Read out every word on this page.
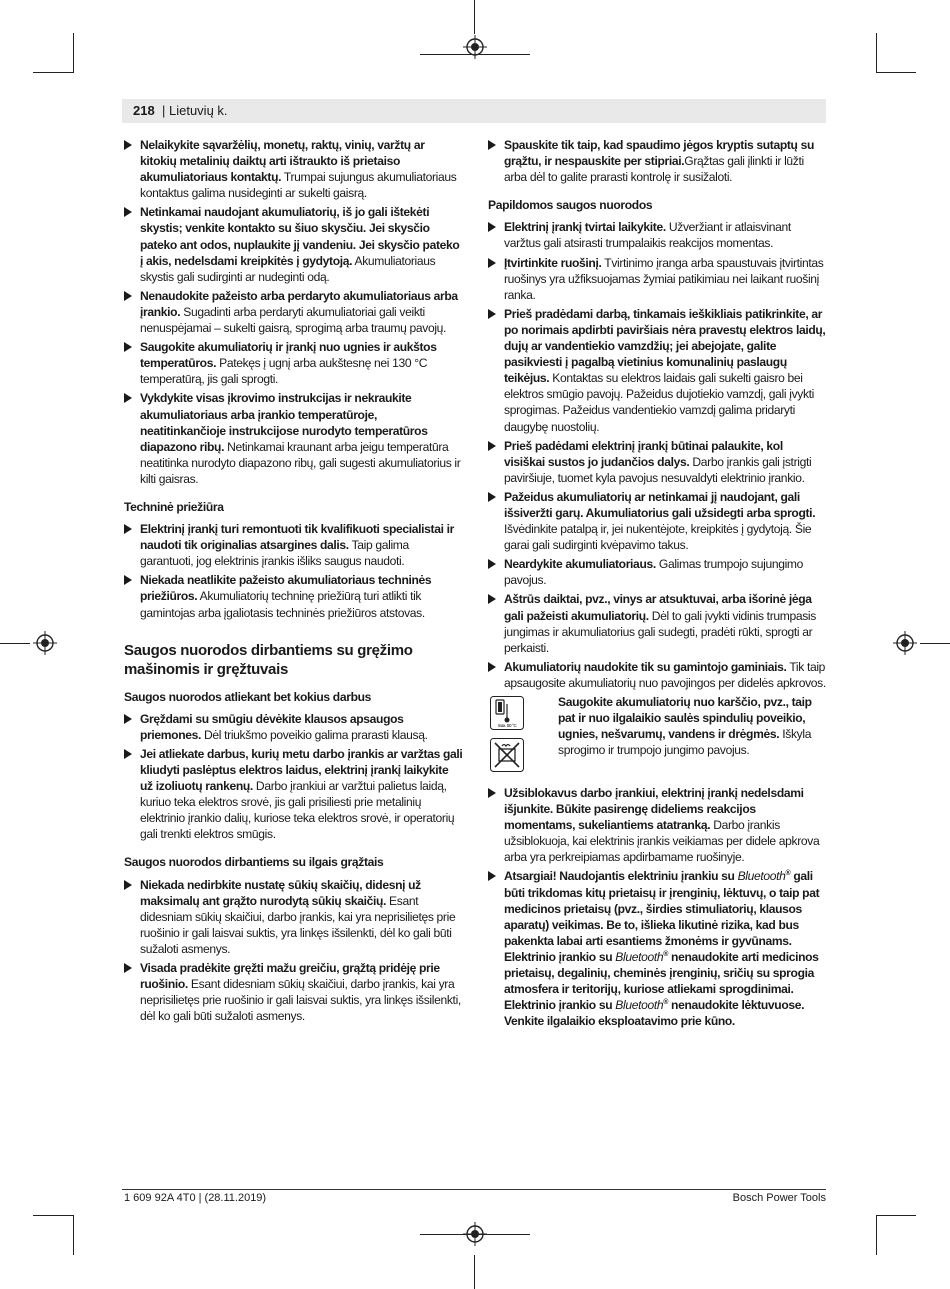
218 | Lietuvių k.
Nelaikykite sąvaržėlių, monetų, raktų, vinių, varžtų ar kitokių metalinių daiktų arti ištraukto iš prietaiso akumuliatoriaus kontaktų. Trumpai sujungus akumuliatoriaus kontaktus galima nusideginti ar sukelti gaisrą.
Netinkamai naudojant akumuliatorių, iš jo gali ištekėti skystis; venkite kontakto su šiuo skysčiu. Jei skysčio pateko ant odos, nuplaukite jį vandeniu. Jei skysčio pateko į akis, nedelsdami kreipkitės į gydytoją. Akumuliatoriaus skystis gali sudirginti ar nudeginti odą.
Nenaudokite pažeisto arba perdaryto akumuliatoriaus arba įrankio. Sugadinti arba perdaryti akumuliatoriai gali veikti nenuspėjamai – sukelti gaisrą, sprogimą arba traumų pavojų.
Saugokite akumuliatorių ir įrankį nuo ugnies ir aukštos temperatūros. Patekęs į ugnį arba aukštesnę nei 130 °C temperatūrą, jis gali sprogti.
Vykdykite visas įkrovimo instrukcijas ir nekraukite akumuliatoriaus arba įrankio temperatūroje, neatitinkančioje instrukcijose nurodyto temperatūros diapazono ribų. Netinkamai kraunant arba jeigu temperatūra neatitinka nurodyto diapazono ribų, gali sugesti akumuliatorius ir kilti gaisras.
Techninė priežiūra
Elektrinį įrankį turi remontuoti tik kvalifikuoti specialistai ir naudoti tik originalias atsargines dalis. Taip galima garantuoti, jog elektrinis įrankis išliks saugus naudoti.
Niekada neatlikite pažeisto akumuliatoriaus techninės priežiūros. Akumuliatorių techninę priežiūrą turi atlikti tik gamintojas arba įgaliotasis techninės priežiūros atstovas.
Saugos nuorodos dirbantiems su gręžimo mašinomis ir gręžtuvais
Saugos nuorodos atliekant bet kokius darbus
Gręždami su smūgiu dėvėkite klausos apsaugos priemones. Dėl triukšmo poveikio galima prarasti klausą.
Jei atliekate darbus, kurių metu darbo įrankis ar varžtas gali kliudyti paslėptus elektros laidus, elektrinį įrankį laikykite už izoliuotų rankenų. Darbo įrankiui ar varžtui palietus laidą, kuriuo teka elektros srovė, jis gali prisiliesti prie metalinių elektrinio įrankio dalių, kuriose teka elektros srovė, ir operatorių gali trenkti elektros smūgis.
Saugos nuorodos dirbantiems su ilgais grąžtais
Niekada nedirbkite nustatę sūkių skaičių, didesnį už maksimalų ant grąžto nurodytą sūkių skaičių. Esant didesniam sūkių skaičiui, darbo įrankis, kai yra neprisilietęs prie ruošinio ir gali laisvai suktis, yra linkęs išsilenkti, dėl ko gali būti sužaloti asmenys.
Visada pradėkite gręžti mažu greičiu, grąžtą pridėję prie ruošinio. Esant didesniam sūkių skaičiui, darbo įrankis, kai yra neprisilietęs prie ruošinio ir gali laisvai suktis, yra linkęs išsilenkti, dėl ko gali būti sužaloti asmenys.
Spauskite tik taip, kad spaudimo jėgos kryptis sutaptų su grąžtu, ir nespauskite per stipriai.Grąžtas gali įlinkti ir lūžti arba dėl to galite prarasti kontrolę ir susižaloti.
Papildomos saugos nuorodos
Elektrinį įrankį tvirtai laikykite. Užveržiant ir atlaisvinant varžtus gali atsirasti trumpalaikis reakcijos momentas.
Įtvirtinkite ruošinį. Tvirtinimo įranga arba spaustuvais įtvirtintas ruošinys yra užfiksuojamas žymiai patikimiau nei laikant ruošinį ranka.
Prieš pradėdami darbą, tinkamais ieškikliais patikrinkite, ar po norimais apdirbti paviršiais nėra pravestų elektros laidų, dujų ar vandentiekio vamzdžių; jei abejojate, galite pasikviesti į pagalbą vietinius komunalinių paslaugų teikėjus. Kontaktas su elektros laidais gali sukelti gaisro bei elektros smūgio pavojų. Pažeidus dujotiekio vamzdį, gali įvykti sprogimas. Pažeidus vandentiekio vamzdį galima pridaryti daugybę nuostolių.
Prieš padėdami elektrinį įrankį būtinai palaukite, kol visiškai sustos jo judančios dalys. Darbo įrankis gali įstrigti paviršiuje, tuomet kyla pavojus nesuvaldyti elektrinio įrankio.
Pažeidus akumuliatorių ar netinkamai jį naudojant, gali išsiveržti garų. Akumuliatorius gali užsidegti arba sprogti. Išvėdinkite patalpą ir, jei nukentėjote, kreipkitės į gydytoją. Šie garai gali sudirginti kvėpavimo takus.
Neardykite akumuliatoriaus. Galimas trumpojo sujungimo pavojus.
Aštrūs daiktai, pvz., vinys ar atsuktuvai, arba išorinė jėga gali pažeisti akumuliatorių. Dėl to gali įvykti vidinis trumpasis jungimas ir akumuliatorius gali sudegti, pradėti rūkti, sprogti ar perkaisti.
Akumuliatorių naudokite tik su gamintojo gaminiais. Tik taip apsaugosite akumuliatorių nuo pavojingos per didelės apkrovos.
max. 50 °C
Saugokite akumuliatorių nuo karščio, pvz., taip pat ir nuo ilgalaikio saulės spindulių poveikio, ugnies, nešvarumų, vandens ir drėgmės. Iškyla sprogimo ir trumpojo jungimo pavojus.
Užsiblokavus darbo įrankiui, elektrinį įrankį nedelsdami išjunkite. Būkite pasirengę dideliems reakcijos momentams, sukeliantiems atatranką. Darbo įrankis užsiblokuoja, kai elektrinis įrankis veikiamas per didele apkrova arba yra perkreipiamas apdirbamame ruošinyje.
Atsargiai! Naudojantis elektriniu įrankiu su Bluetooth® gali būti trikdomas kitų prietaisų ir įrenginių, lėktuvų, o taip pat medicinos prietaisų (pvz., širdies stimuliatorių, klausos aparatų) veikimas. Be to, išlieka likutinė rizika, kad bus pakenkta labai arti esantiems žmonėms ir gyvūnams. Elektrinio įrankio su Bluetooth® nenaudokite arti medicinos prietaisų, degalinių, cheminės įrenginių, sričių su sprogia atmosfera ir teritorijų, kuriose atliekami sprogdinimai. Elektrinio įrankio su Bluetooth® nenaudokite lėktuvuose. Venkite ilgalaikio eksploatavimo prie kūno.
1 609 92A 4T0 | (28.11.2019)	Bosch Power Tools
